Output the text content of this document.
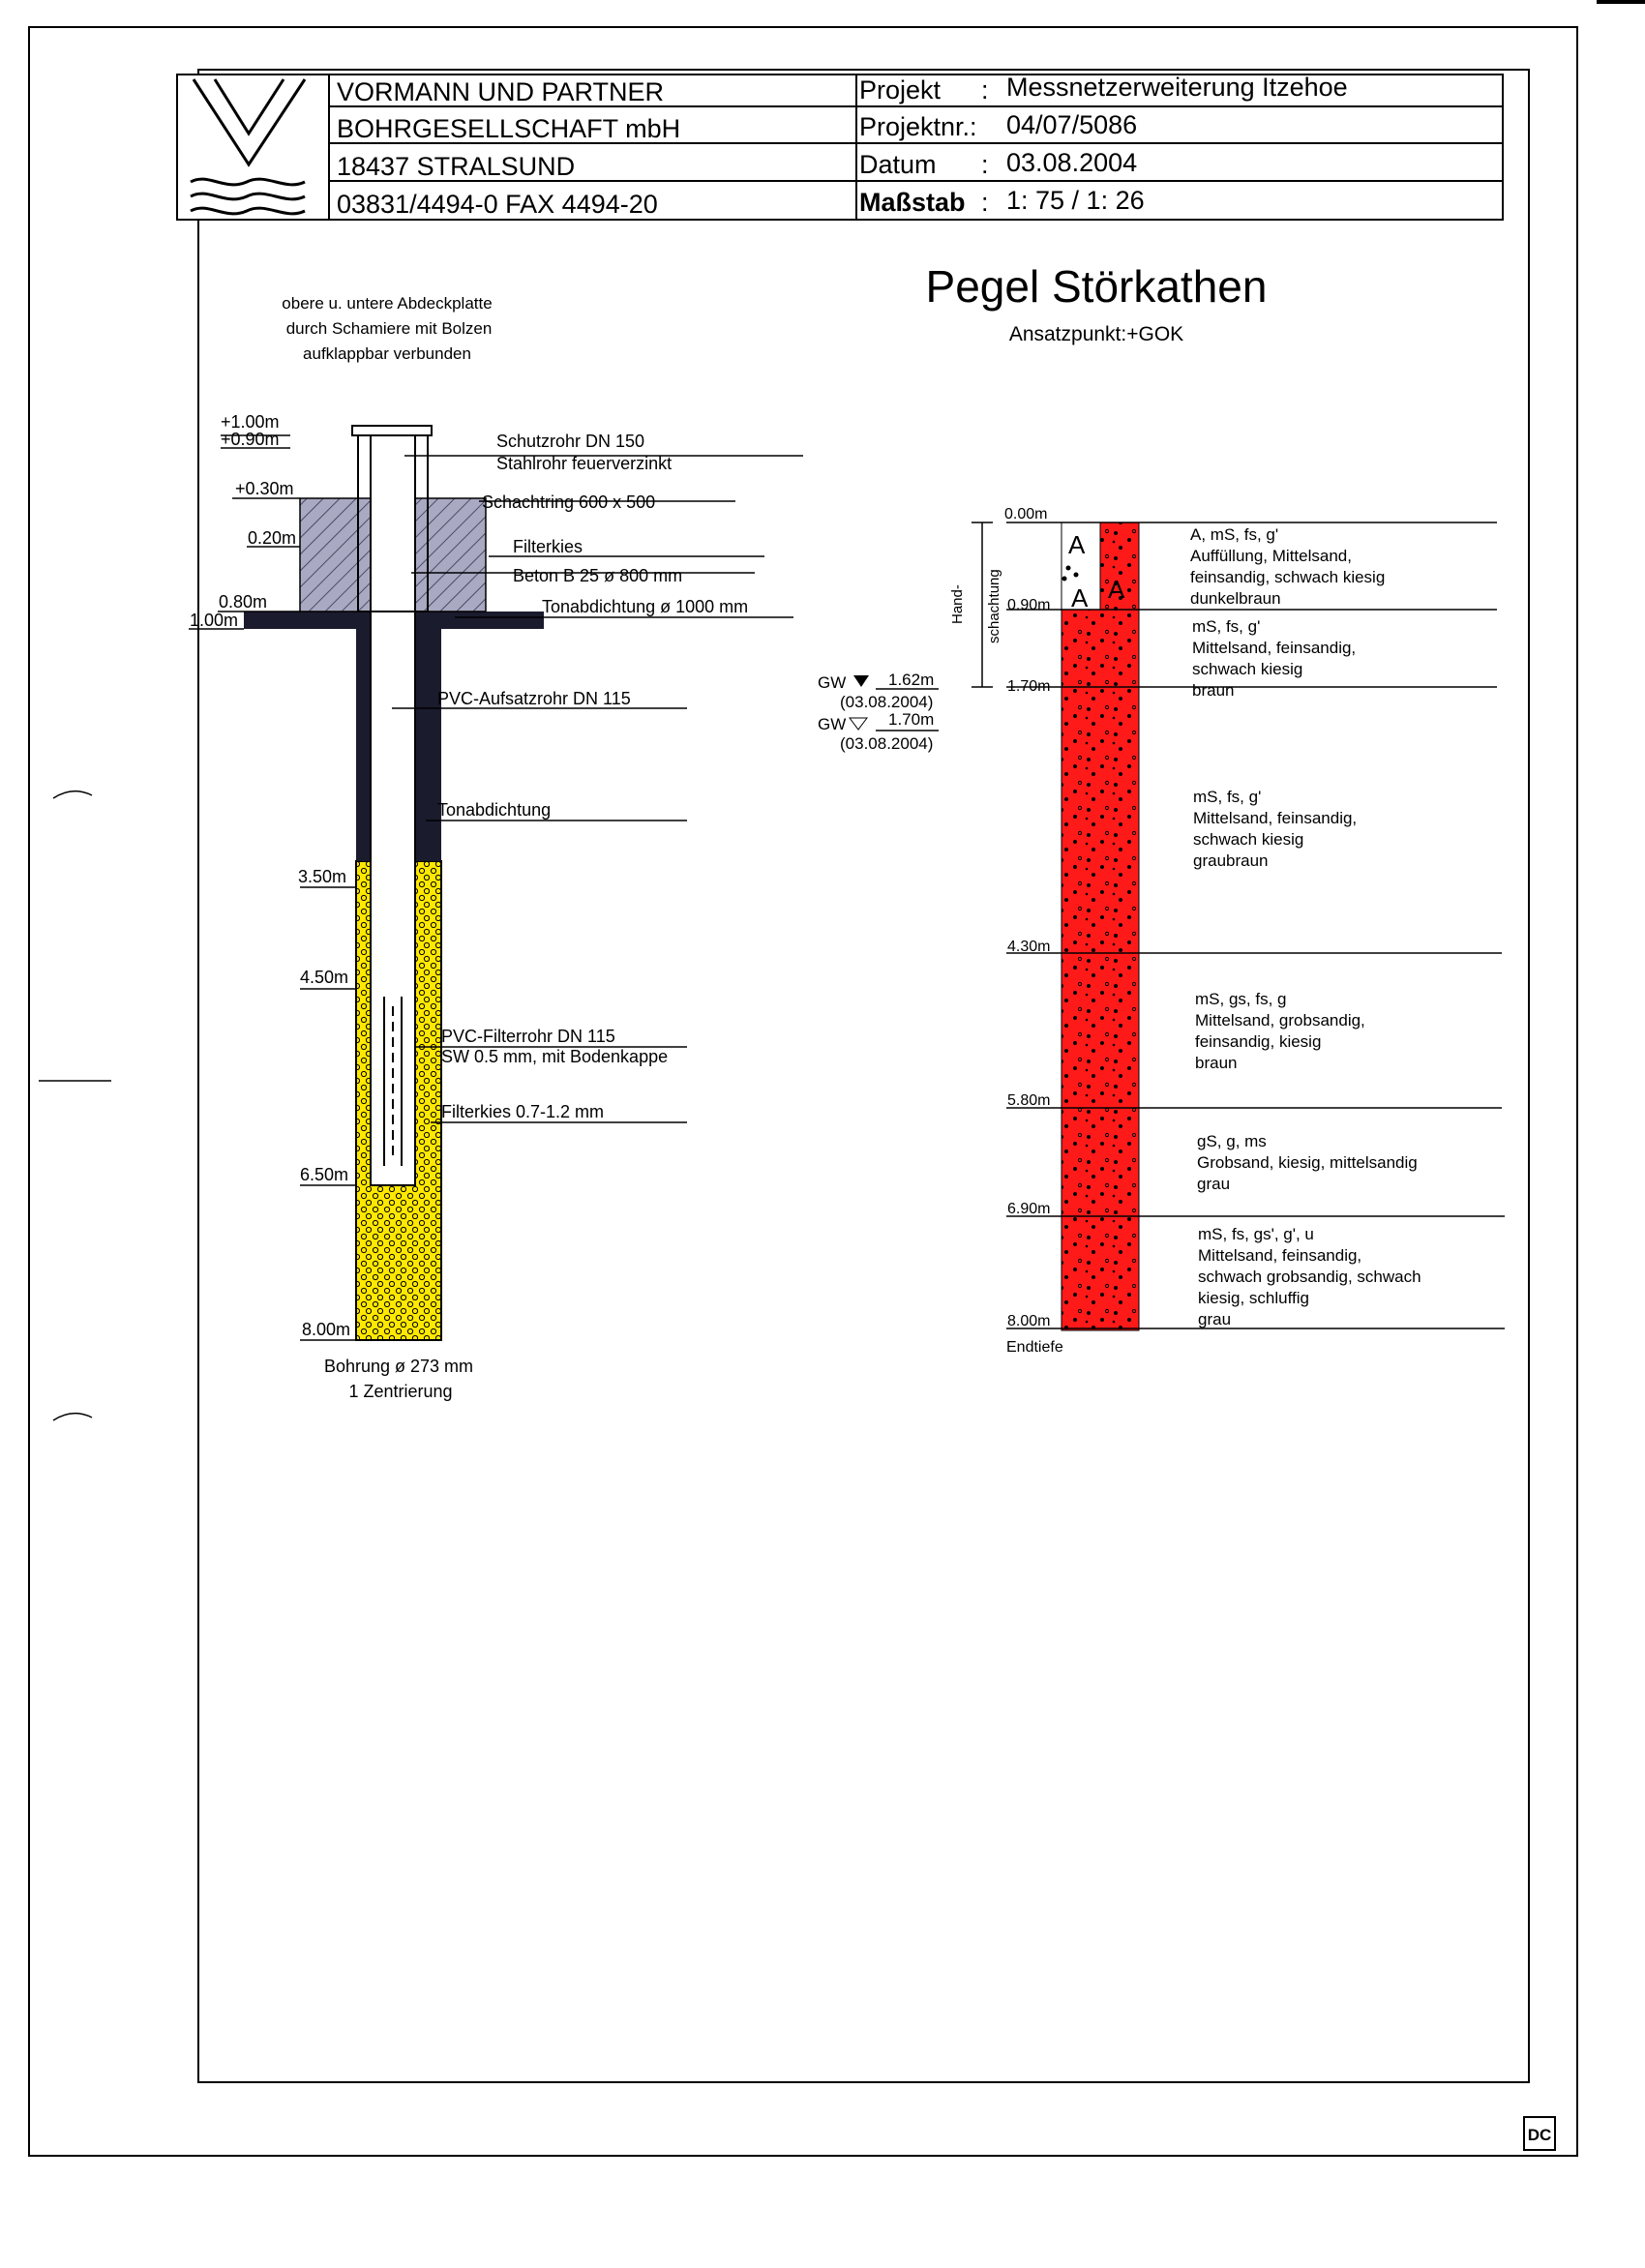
DC
VORMANN UND PARTNER
BOHRGESELLSCHAFT mbH
18437 STRALSUND
03831/4494-0 FAX 4494-20
Projekt : Messnetzerweiterung Itzehoe
Projektnr.: 04/07/5086
Datum : 03.08.2004
Maßstab : 1: 75 / 1: 26
Pegel Störkathen
Ansatzpunkt:+GOK
obere u. untere Abdeckplatte
durch Schamiere mit Bolzen
aufklappbar verbunden
+1.00m
+0.90m
+0.30m
0.20m
0.80m
1.00m
3.50m
4.50m
6.50m
8.00m
Schutzrohr DN 150
Stahlrohr feuerverzinkt
Schachtring 600 x 500
Filterkies
Beton B 25 ø 800 mm
Tonabdichtung ø 1000 mm
PVC-Aufsatzrohr DN 115
Tonabdichtung
PVC-Filterrohr DN 115
SW 0.5 mm, mit Bodenkappe
Filterkies 0.7-1.2 mm
Bohrung ø 273 mm
1 Zentrierung
GW	1.62m
(03.08.2004)
GW	1.70m
(03.08.2004)
A
A A
0.00m
0.90m
1.70m
4.30m
5.80m
6.90m
8.00m
Endtiefe
Hand- schachtung
A, mS, fs, g'
Auffüllung, Mittelsand,
feinsandig, schwach kiesig
dunkelbraun
mS, fs, g'
Mittelsand, feinsandig,
schwach kiesig
braun
mS, fs, g'
Mittelsand, feinsandig,
schwach kiesig
graubraun
mS, gs, fs, g
Mittelsand, grobsandig,
feinsandig, kiesig
braun
gS, g, ms
Grobsand, kiesig, mittelsandig
grau
mS, fs, gs', g', u
Mittelsand, feinsandig,
schwach grobsandig, schwach
kiesig, schluffig
grau
